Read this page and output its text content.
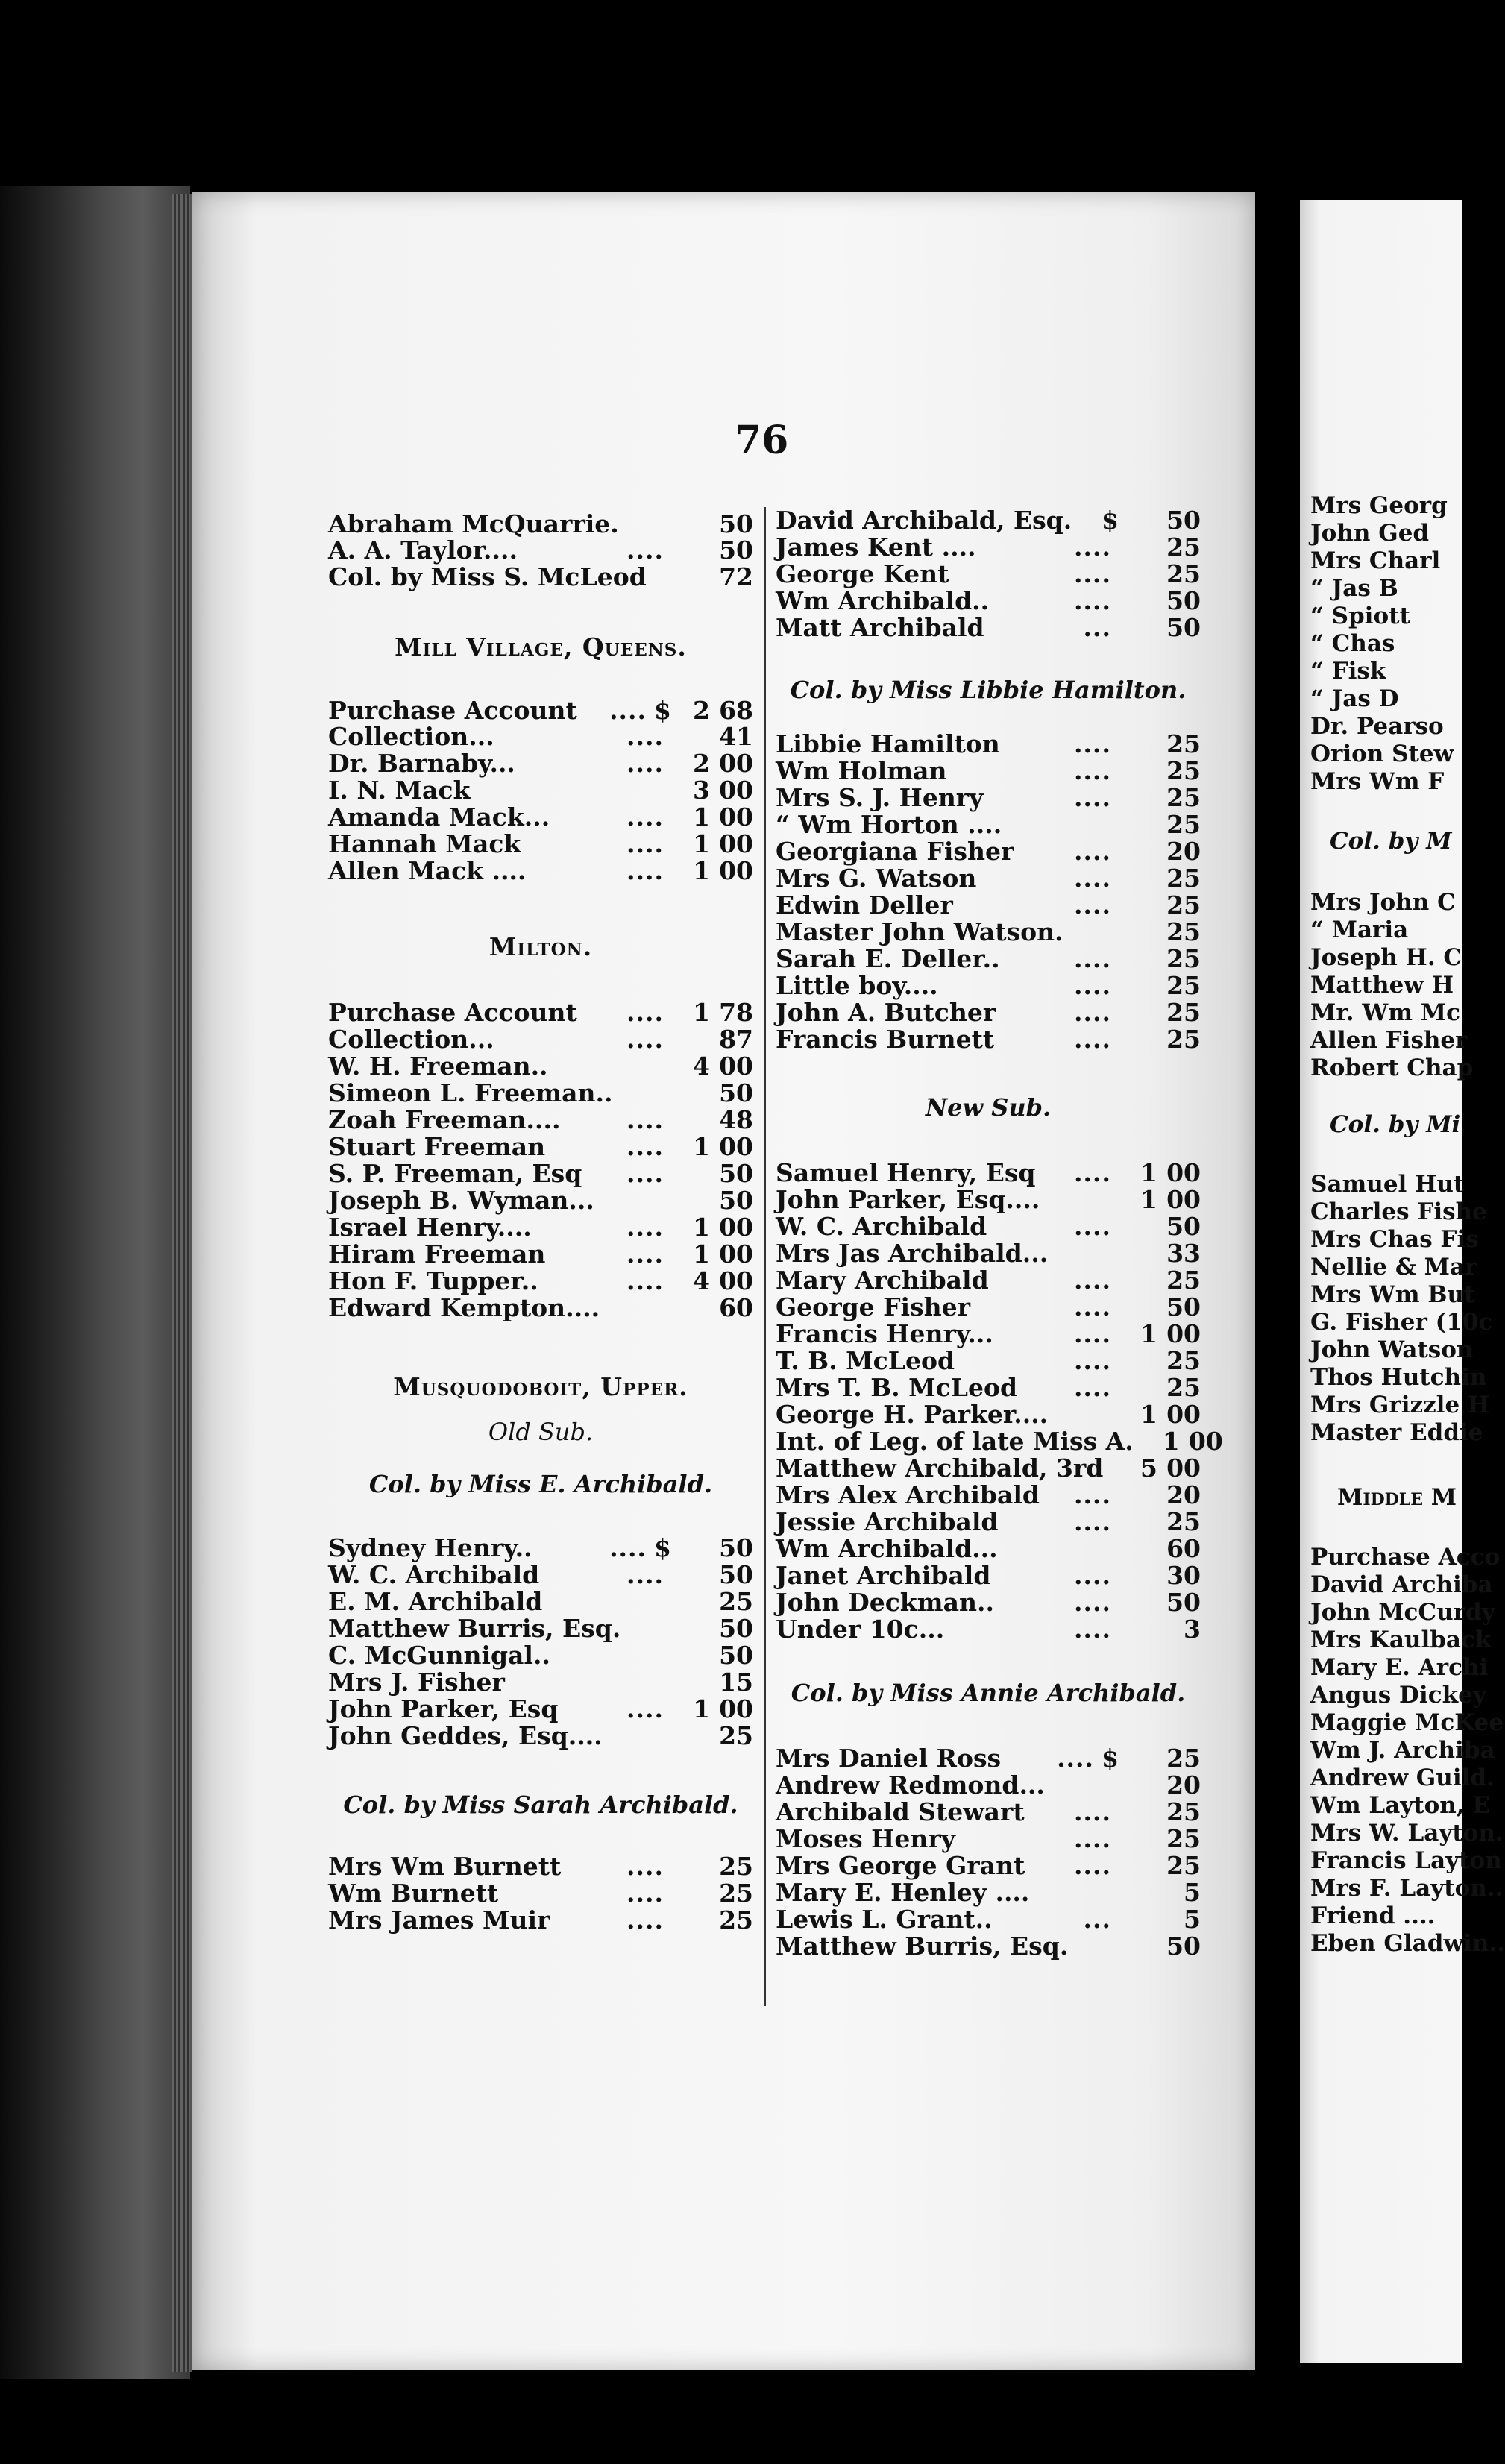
Mrs Georg
John Ged
Mrs Charl
“ Jas B
“ Spiott
“ Chas
“ Fisk
“ Jas D
Dr. Pearso
Orion Stew
Mrs Wm F
Col. by M
Mrs John C
“ Maria
Joseph H. C
Matthew H
Mr. Wm Mc
Allen Fisher
Robert Chap
Col. by Mi
Samuel Hut
Charles Fishe
Mrs Chas Fis
Nellie & Mar
Mrs Wm But
G. Fisher (10c
John Watson
Thos Hutchin
Mrs Grizzle H
Master Eddie
Middle M
Purchase Acco
David Archiba
John McCurdy
Mrs Kaulback
Mary E. Archi
Angus Dickey
Maggie McKee
Wm J. Archiba
Andrew Guild.
Wm Layton, E
Mrs W. Layton.
Francis Layton
Mrs F. Layton..
Friend ....
Eben Gladwin..
76
Abraham McQuarrie.	50
A. A. Taylor....	....	50
Col. by Miss S. McLeod	72
Mill Village, Queens.
Purchase Account	.... $ 2 68
Collection...	....	41
Dr. Barnaby...	....	2 00
I. N. Mack	3 00
Amanda Mack...	....	1 00
Hannah Mack	....	1 00
Allen Mack ....	....	1 00
Milton.
Purchase Account	....	1 78
Collection...	....	87
W. H. Freeman..	4 00
Simeon L. Freeman..	50
Zoah Freeman....	....	48
Stuart Freeman	....	1 00
S. P. Freeman, Esq	....	50
Joseph B. Wyman...	50
Israel Henry....	....	1 00
Hiram Freeman	....	1 00
Hon F. Tupper..	....	4 00
Edward Kempton....	60
Musquodoboit, Upper.
Old Sub.
Col. by Miss E. Archibald.
Sydney Henry..	.... $	50
W. C. Archibald	....	50
E. M. Archibald	25
Matthew Burris, Esq.	50
C. McGunnigal..	50
Mrs J. Fisher	15
John Parker, Esq	....	1 00
John Geddes, Esq....	25
Col. by Miss Sarah Archibald.
Mrs Wm Burnett	....	25
Wm Burnett	....	25
Mrs James Muir	....	25
David Archibald, Esq.	$	50
James Kent ....	....	25
George Kent	....	25
Wm Archibald..	....	50
Matt Archibald	...	50
Col. by Miss Libbie Hamilton.
Libbie Hamilton	....	25
Wm Holman	....	25
Mrs S. J. Henry	....	25
“ Wm Horton ....	25
Georgiana Fisher	....	20
Mrs G. Watson	....	25
Edwin Deller	....	25
Master John Watson.	25
Sarah E. Deller..	....	25
Little boy....	....	25
John A. Butcher	....	25
Francis Burnett	....	25
New Sub.
Samuel Henry, Esq	....	1 00
John Parker, Esq....	1 00
W. C. Archibald	....	50
Mrs Jas Archibald...	33
Mary Archibald	....	25
George Fisher	....	50
Francis Henry...	....	1 00
T. B. McLeod	....	25
Mrs T. B. McLeod	....	25
George H. Parker....	1 00
Int. of Leg. of late Miss A.	1 00
Matthew Archibald, 3rd	5 00
Mrs Alex Archibald	....	20
Jessie Archibald	....	25
Wm Archibald...	60
Janet Archibald	....	30
John Deckman..	....	50
Under 10c...	....	3
Col. by Miss Annie Archibald.
Mrs Daniel Ross	.... $	25
Andrew Redmond...	20
Archibald Stewart	....	25
Moses Henry	....	25
Mrs George Grant	....	25
Mary E. Henley ....	5
Lewis L. Grant..	...	5
Matthew Burris, Esq.	50
